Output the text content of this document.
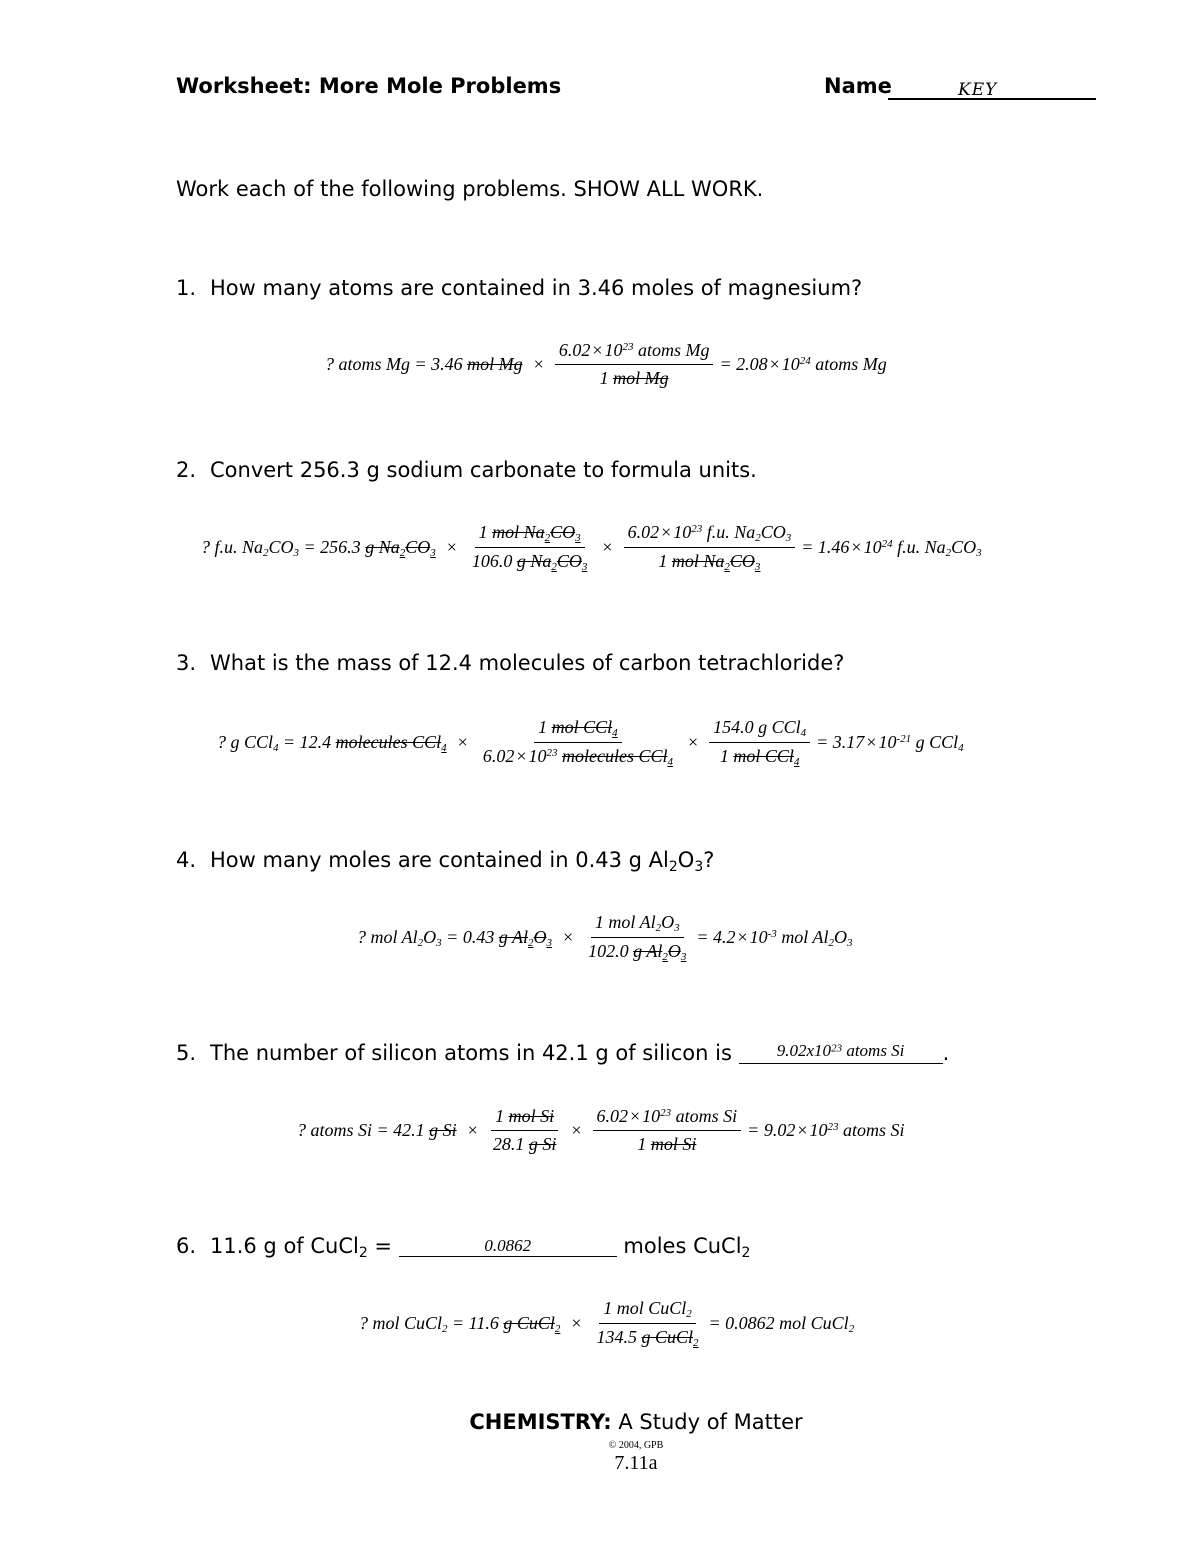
Worksheet: More Mole Problems	Name	KEY
Work each of the following problems. SHOW ALL WORK.
1. How many atoms are contained in 3.46 moles of magnesium?
? atoms Mg = 3.46 mol $Mg \times \frac{6.02 \times 10^{23} atoms Mg}{\text{1 mol Mg}} = 2.08 \times 10^{24}$ atoms Mg
2. Convert 256.3 g sodium carbonate to formula units.
? f.u. $Na_2CO_3 = 256.3$ g $Na_2CO_3 \times \frac{1 mol Na_2CO_3}{106.0 g Na_2CO_3} \times \frac{6.02 \times 10^{23} f.u. Na_2CO_3}{1 mol Na_2CO_3} = 1.46 \times 10^{24}$ f.u. $Na_2CO_3$
3. What is the mass of 12.4 molecules of carbon tetrachloride?
? g CCl$_4$ = 12.4 molecules $CCl_4 \times \frac{1 mol CCl_4}{6.02 \times 10^{23} molecules CCl_4} \times \frac{154.0 g CCl_4}{1 mol CCl_4} = 3.17 \times 10^{-21}$ g CCl$_4$
4. How many moles are contained in 0.43 g $Al_2O_3$?
? mol $Al_2O_3 = 0.43$ g $Al_2O_3 \times \frac{1 mol Al_2O_3}{102.0 g Al_2O_3} = 4.2 \times 10^{-3}$ mol $Al_2O_3$
5. The number of silicon atoms in 42.1 g of silicon is	$9.02x10^{23}$ atoms Si .
? atoms Si = 42.1 g $Si \times \frac{\text{1 mol Si}}{\text{28.1 g Si}} \times \frac{6.02 \times 10^{23} atoms Si}{\text{1 mol Si}} = 9.02 \times 10^{23}$ atoms Si
6. 11.6 g of CuCl$_2$ =	0.0862	moles CuCl$_2$
? mol CuCl$_2$ = 11.6 g CuCl$_2$ × $\frac{1 mol CuCl_2}{134.5 g CuCl_2} = 0.0862$ mol CuCl$_2$
CHEMISTRY: A Study of Matter
© 2004, GPB
7.11a
